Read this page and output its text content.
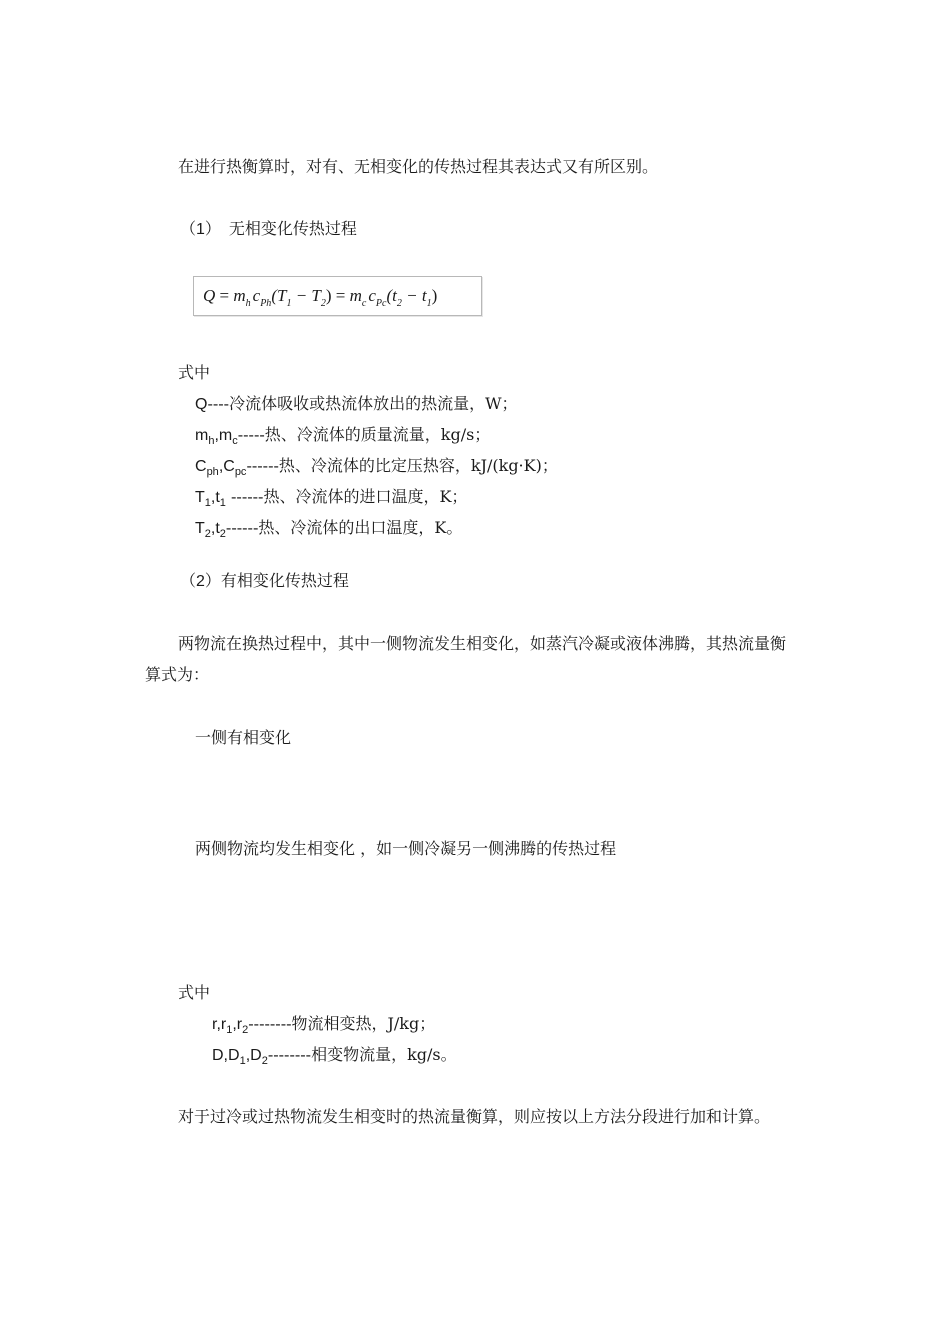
在进行热衡算时，对有、无相变化的传热过程其表达式又有所区别。
（1） 无相变化传热过程
$Q = m_h$ $c_{Ph}(T_1 - T_2) = m_c$ $c_{Pc}(t_2 - t_1)$
式中
Q----冷流体吸收或热流体放出的热流量，W；
$m_h,m_c-----$热、冷流体的质量流量，kg/s；
$C_{ph},C_{pc}------$热、冷流体的比定压热容，kJ/(kg·K)；
$T_1,t_1$ ------热、冷流体的进口温度，K；
$T_2,t_2------$热、冷流体的出口温度，K。
（2）有相变化传热过程
两物流在换热过程中，其中一侧物流发生相变化，如蒸汽冷凝或液体沸腾，其热流量衡
算式为：
一侧有相变化
两侧物流均发生相变化 ，如一侧冷凝另一侧沸腾的传热过程
式中
$r,r_1,r_2--------$物流相变热，J/kg；
$D,D_1,D_2--------$相变物流量，kg/s。
对于过冷或过热物流发生相变时的热流量衡算，则应按以上方法分段进行加和计算。
